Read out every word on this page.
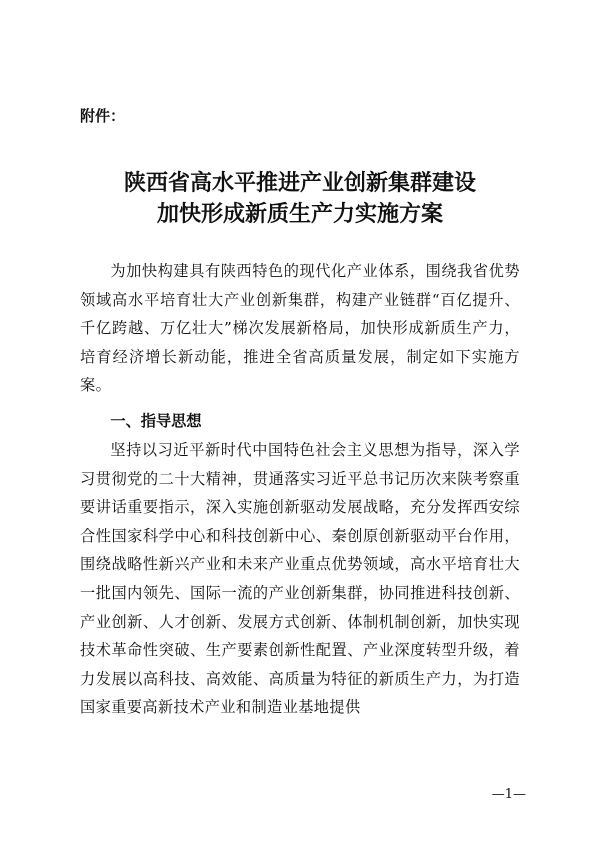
附件：

陕西省高水平推进产业创新集群建设
加快形成新质生产力实施方案

为加快构建具有陕西特色的现代化产业体系，围绕我省优势领域高水平培育壮大产业创新集群，构建产业链群“百亿提升、千亿跨越、万亿壮大”梯次发展新格局，加快形成新质生产力，培育经济增长新动能，推进全省高质量发展，制定如下实施方案。

一、指导思想

坚持以习近平新时代中国特色社会主义思想为指导，深入学习贯彻党的二十大精神，贯通落实习近平总书记历次来陕考察重要讲话重要指示，深入实施创新驱动发展战略，充分发挥西安综合性国家科学中心和科技创新中心、秦创原创新驱动平台作用，围绕战略性新兴产业和未来产业重点优势领域，高水平培育壮大一批国内领先、国际一流的产业创新集群，协同推进科技创新、产业创新、人才创新、发展方式创新、体制机制创新，加快实现技术革命性突破、生产要素创新性配置、产业深度转型升级，着力发展以高科技、高效能、高质量为特征的新质生产力，为打造国家重要高新技术产业和制造业基地提供

—1—
